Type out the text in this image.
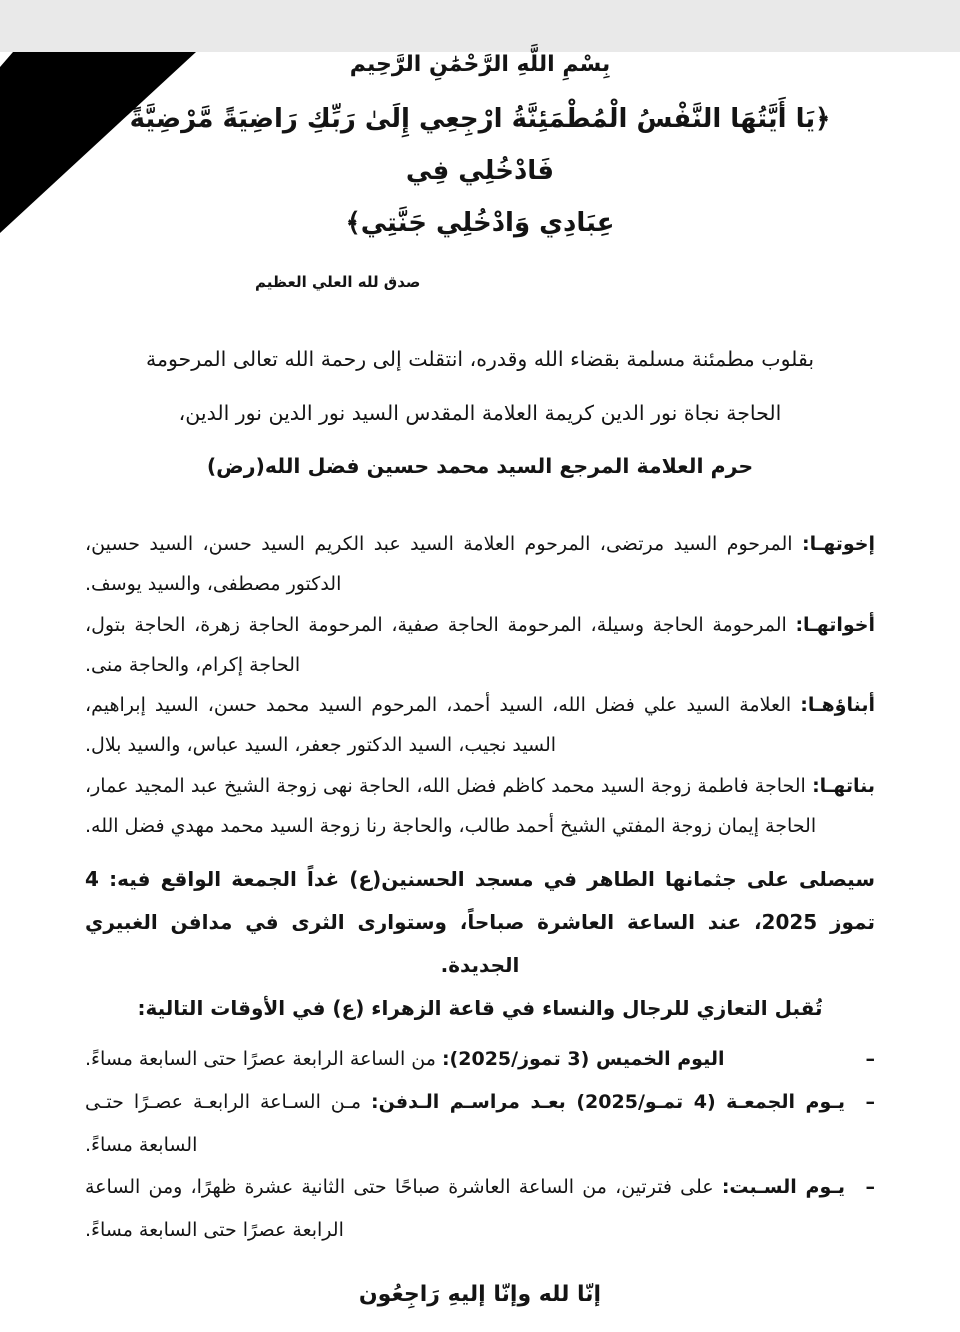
بِسْمِ اللَّهِ الرَّحْمَٰنِ الرَّحِيم
﴿يَا أَيَّتُهَا النَّفْسُ الْمُطْمَئِنَّةُ ارْجِعِي إِلَىٰ رَبِّكِ رَاضِيَةً مَّرْضِيَّةً فَادْخُلِي فِي
عِبَادِي وَادْخُلِي جَنَّتِي﴾
صدق لله العلي العظيم
بقلوب مطمئنة مسلمة بقضاء الله وقدره، انتقلت إلى رحمة الله تعالى المرحومة
الحاجة نجاة نور الدين كريمة العلامة المقدس السيد نور الدين نور الدين،
حرم العلامة المرجع السيد محمد حسين فضل الله(رض)

إخوتهـا: المرحوم السيد مرتضى، المرحوم العلامة السيد عبد الكريم السيد حسن، السيد حسين، الدكتور مصطفى، والسيد يوسف.

أخواتهـا: المرحومة الحاجة وسيلة، المرحومة الحاجة صفية، المرحومة الحاجة زهرة، الحاجة بتول، الحاجة إكرام، والحاجة منى.

أبناؤهـا: العلامة السيد علي فضل الله، السيد أحمد، المرحوم السيد محمد حسن، السيد إبراهيم، السيد نجيب، السيد الدكتور جعفر، السيد عباس، والسيد بلال.

بناتهـا: الحاجة فاطمة زوجة السيد محمد كاظم فضل الله، الحاجة نهى زوجة الشيخ عبد المجيد عمار، الحاجة إيمان زوجة المفتي الشيخ أحمد طالب، والحاجة رنا زوجة السيد محمد مهدي فضل الله.

سيصلى على جثمانها الطاهر في مسجد الحسنين(ع) غداً الجمعة الواقع فيه: 4 تموز 2025، عند الساعة العاشرة صباحاً، وستوارى الثرى في مدافن الغبيري الجديدة.
تُقبل التعازي للرجال والنساء في قاعة الزهراء (ع) في الأوقات التالية:
–
اليوم الخميس (3 تموز/2025): من الساعة الرابعة عصرًا حتى السابعة مساءً.
–
يـوم الجمعـة (4 تمـو/2025) بعـد مراسـم الـدفن: مـن السـاعة الرابعـة عصـرًا حتـى السابعة مساءً.
–
يـوم السـبت: على فترتين، من الساعة العاشرة صباحًا حتى الثانية عشرة ظهرًا، ومن الساعة الرابعة عصرًا حتى السابعة مساءً.
إنّا لله وإنّا إليهِ رَاجِعُون
